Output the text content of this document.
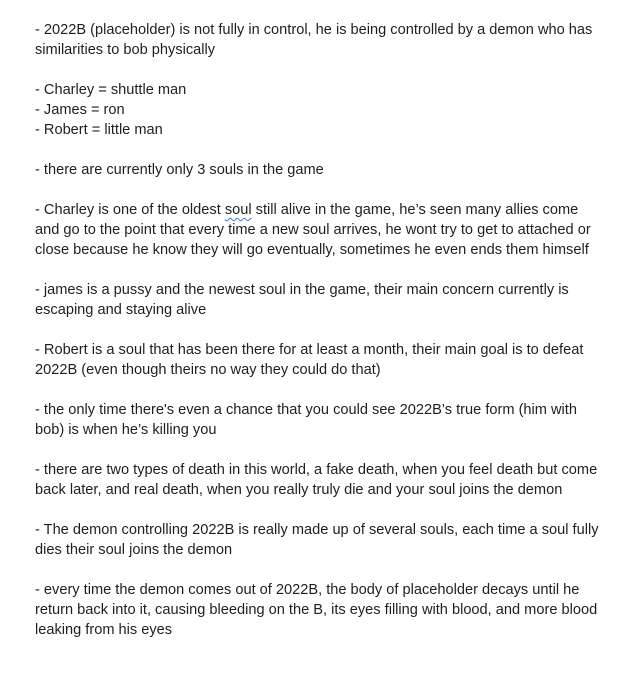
- 2022B (placeholder) is not fully in control, he is being controlled by a demon who has similarities to bob physically

- Charley = shuttle man
- James = ron
- Robert = little man

- there are currently only 3 souls in the game

- Charley is one of the oldest soul still alive in the game, he’s seen many allies come and go to the point that every time a new soul arrives, he wont try to get to attached or close because he know they will go eventually, sometimes he even ends them himself

- james is a pussy and the newest soul in the game, their main concern currently is escaping and staying alive

- Robert is a soul that has been there for at least a month, their main goal is to defeat 2022B (even though theirs no way they could do that)

- the only time there's even a chance that you could see 2022B’s true form (him with bob) is when he’s killing you

- there are two types of death in this world, a fake death, when you feel death but come back later, and real death, when you really truly die and your soul joins the demon

- The demon controlling 2022B is really made up of several souls, each time a soul fully dies their soul joins the demon

- every time the demon comes out of 2022B, the body of placeholder decays until he return back into it, causing bleeding on the B, its eyes filling with blood, and more blood leaking from his eyes
